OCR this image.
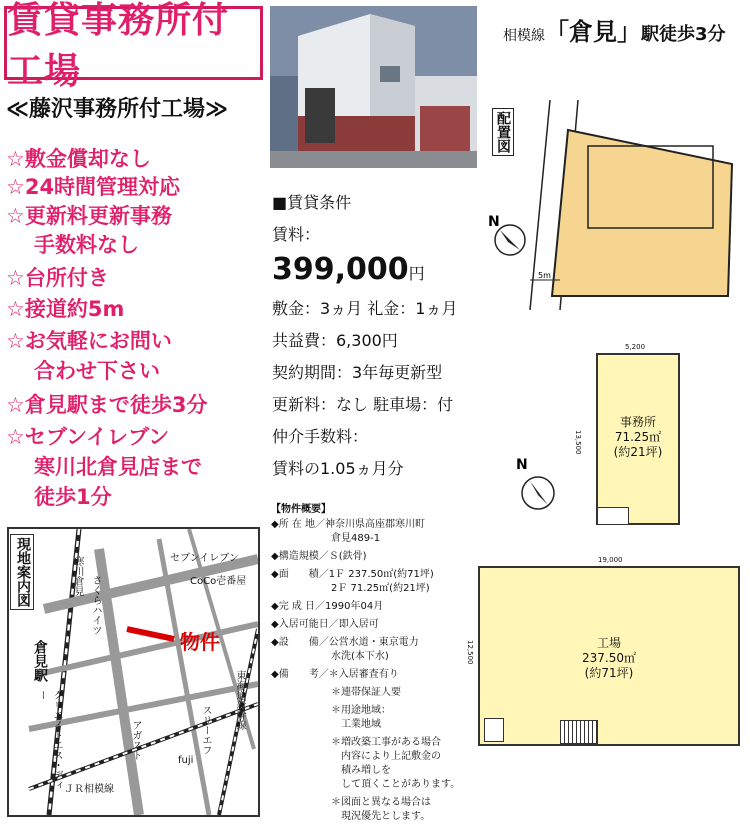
賃貸事務所付工場
≪藤沢事務所付工場≫
☆敷金償却なし
☆24時間管理対応
☆更新料更新事務
手数料なし
☆台所付き
☆接道約5m
☆お気軽にお問い
合わせ下さい
☆倉見駅まで徒歩3分
☆セブンイレブン
寒川北倉見店まで
徒歩1分
相模線「倉見」駅徒歩3分
配置図
5m
N
■賃貸条件
賃料：
399,000円
敷金：3ヵ月 礼金：1ヵ月
共益費：6,300円
契約期間：3年毎更新型
更新料：なし 駐車場：付
仲介手数料：
賃料の1.05ヵ月分
【物件概要】
◆所 在 地／神奈川県高座郡寒川町
　　　　　　倉見489-1
◆構造規模／Ｓ(鉄骨)
◆面　　積／1Ｆ 237.50㎡(約71坪)
　　　　　　2Ｆ 71.25㎡(約21坪)
◆完 成 日／1990年04月
◆入居可能日／即入居可
◆設　　備／公営水道・東京電力
　　　　　　水洗(本下水)
◆備　　考／＊入居審査有り
　　　　　　＊連帯保証人要
　　　　　　＊用途地域：
　　　　　　　工業地域
　　　　　　＊増改築工事がある場合
　　　　　　　内容により上記敷金の
　　　　　　　積み増しを
　　　　　　　して頂くことがあります。
　　　　　　＊図面と異なる場合は
　　　　　　　現況優先とします。
現地案内図
物件
倉見駅
セブンイレブン
CoCo壱番屋
寒川倉見 さくらハイツ
クリエイトエス・ディー
スリーエフ 東海道新幹線
アガスト
fuji
ＪＲ相模線
事務所
71.25㎡
(約21坪)
5,200
13,500
N
工場
237.50㎡
(約71坪)
19,000
12,500
